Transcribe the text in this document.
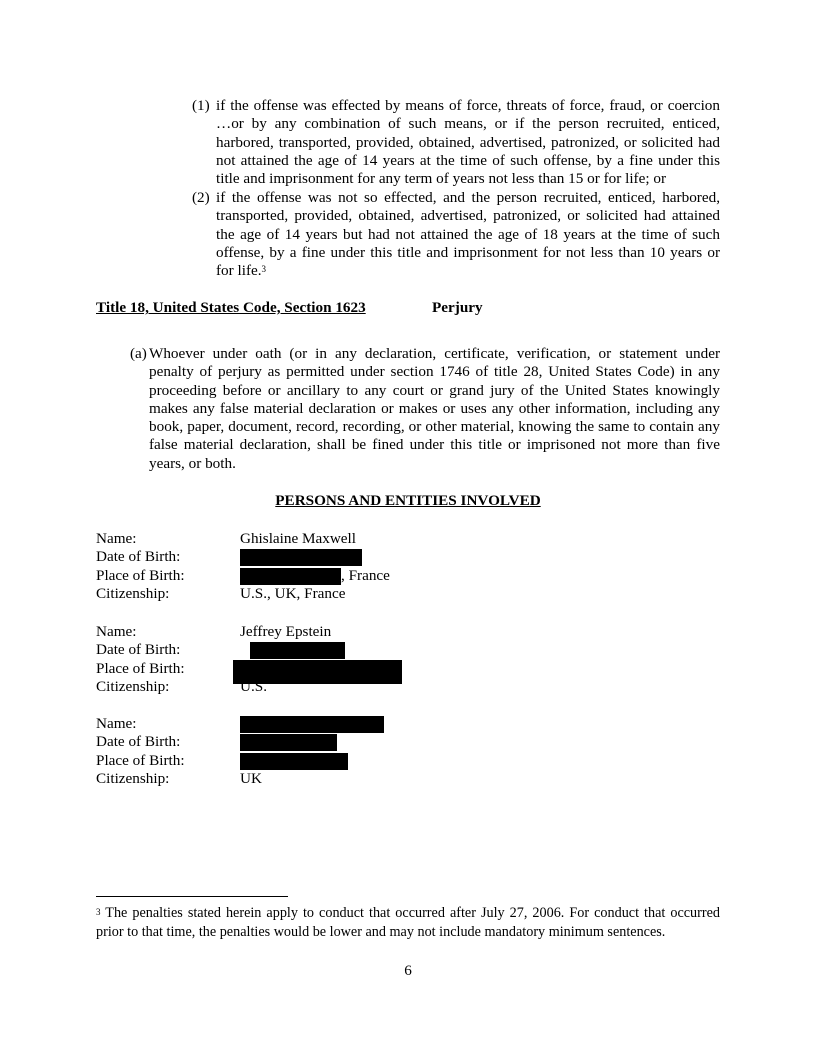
(1) if the offense was effected by means of force, threats of force, fraud, or coercion …or by any combination of such means, or if the person recruited, enticed, harbored, transported, provided, obtained, advertised, patronized, or solicited had not attained the age of 14 years at the time of such offense, by a fine under this title and imprisonment for any term of years not less than 15 or for life; or
(2) if the offense was not so effected, and the person recruited, enticed, harbored, transported, provided, obtained, advertised, patronized, or solicited had attained the age of 14 years but had not attained the age of 18 years at the time of such offense, by a fine under this title and imprisonment for not less than 10 years or for life.$^3$
Title 18, United States Code, Section 1623	Perjury
(a) Whoever under oath (or in any declaration, certificate, verification, or statement under penalty of perjury as permitted under section 1746 of title 28, United States Code) in any proceeding before or ancillary to any court or grand jury of the United States knowingly makes any false material declaration or makes or uses any other information, including any book, paper, document, record, recording, or other material, knowing the same to contain any false material declaration, shall be fined under this title or imprisoned not more than five years, or both.
PERSONS AND ENTITIES INVOLVED
Name:	Ghislaine Maxwell
Date of Birth:
Place of Birth:	, France
Citizenship:	U.S., UK, France
Name:	Jeffrey Epstein
Date of Birth:
Place of Birth:
Citizenship:	U.S.
Name:
Date of Birth:
Place of Birth:
Citizenship:	UK
$^3$ The penalties stated herein apply to conduct that occurred after July 27, 2006. For conduct that occurred prior to that time, the penalties would be lower and may not include mandatory minimum sentences.
6
